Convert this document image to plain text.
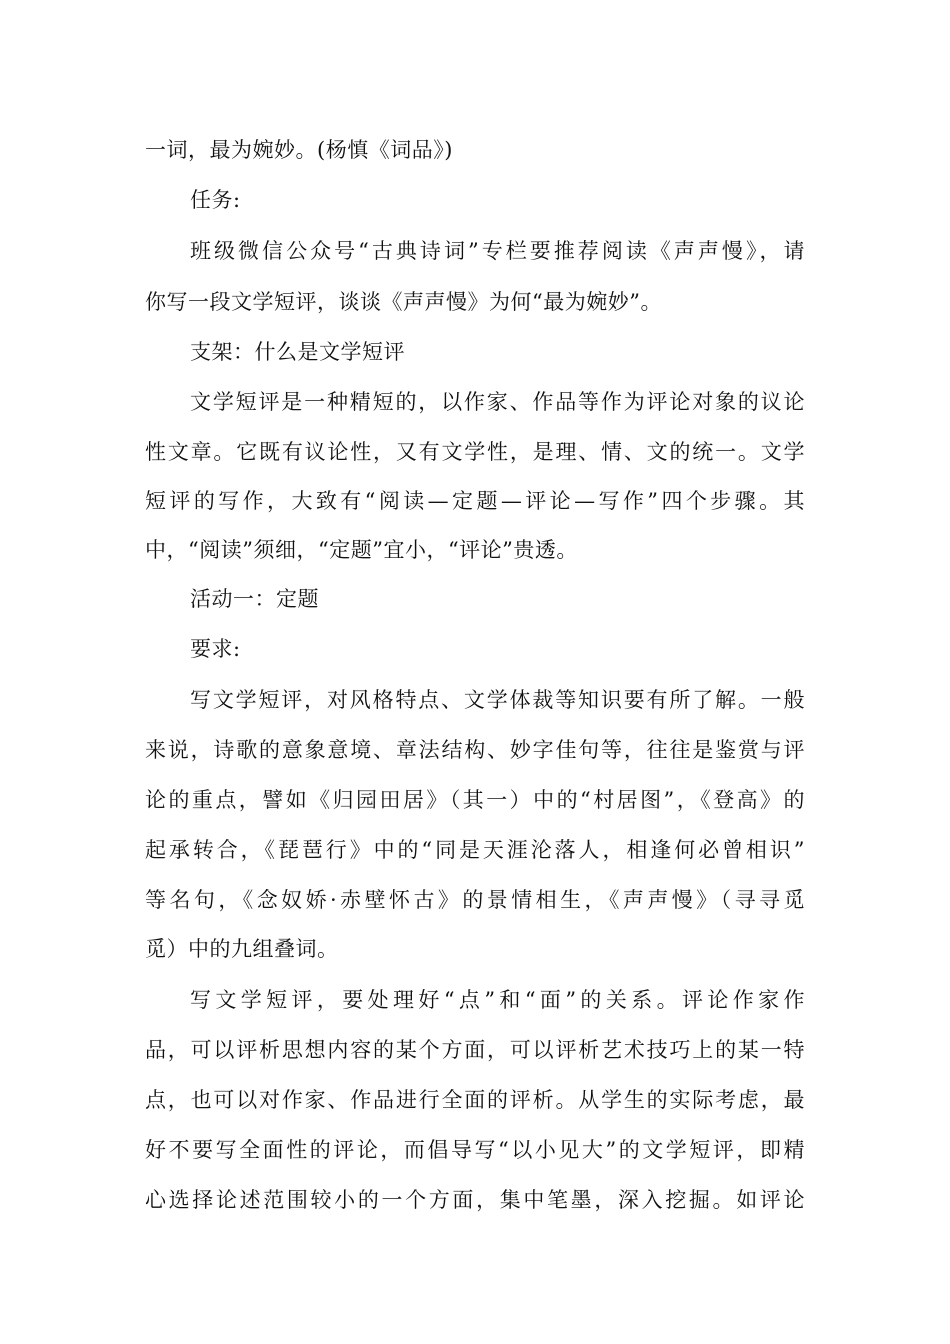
一词，最为婉妙。(杨慎《词品》)
任务:
班级微信公众号“古典诗词”专栏要推荐阅读《声声慢》，请
你写一段文学短评，谈谈《声声慢》为何“最为婉妙”。
支架：什么是文学短评
文学短评是一种精短的，以作家、作品等作为评论对象的议论
性文章。它既有议论性，又有文学性，是理、情、文的统一。文学
短评的写作，大致有“阅读—定题—评论—写作”四个步骤。其
中，“阅读”须细，“定题”宜小，“评论”贵透。
活动一：定题
要求:
写文学短评，对风格特点、文学体裁等知识要有所了解。一般
来说，诗歌的意象意境、章法结构、妙字佳句等，往往是鉴赏与评
论的重点，譬如《归园田居》（其一）中的“村居图”，《登高》的
起承转合，《琵琶行》中的“同是天涯沦落人，相逢何必曾相识”
等名句，《念奴娇·赤壁怀古》的景情相生，《声声慢》（寻寻觅
觅）中的九组叠词。
写文学短评，要处理好“点”和“面”的关系。评论作家作
品，可以评析思想内容的某个方面，可以评析艺术技巧上的某一特
点，也可以对作家、作品进行全面的评析。从学生的实际考虑，最
好不要写全面性的评论，而倡导写“以小见大”的文学短评，即精
心选择论述范围较小的一个方面，集中笔墨，深入挖掘。如评论
